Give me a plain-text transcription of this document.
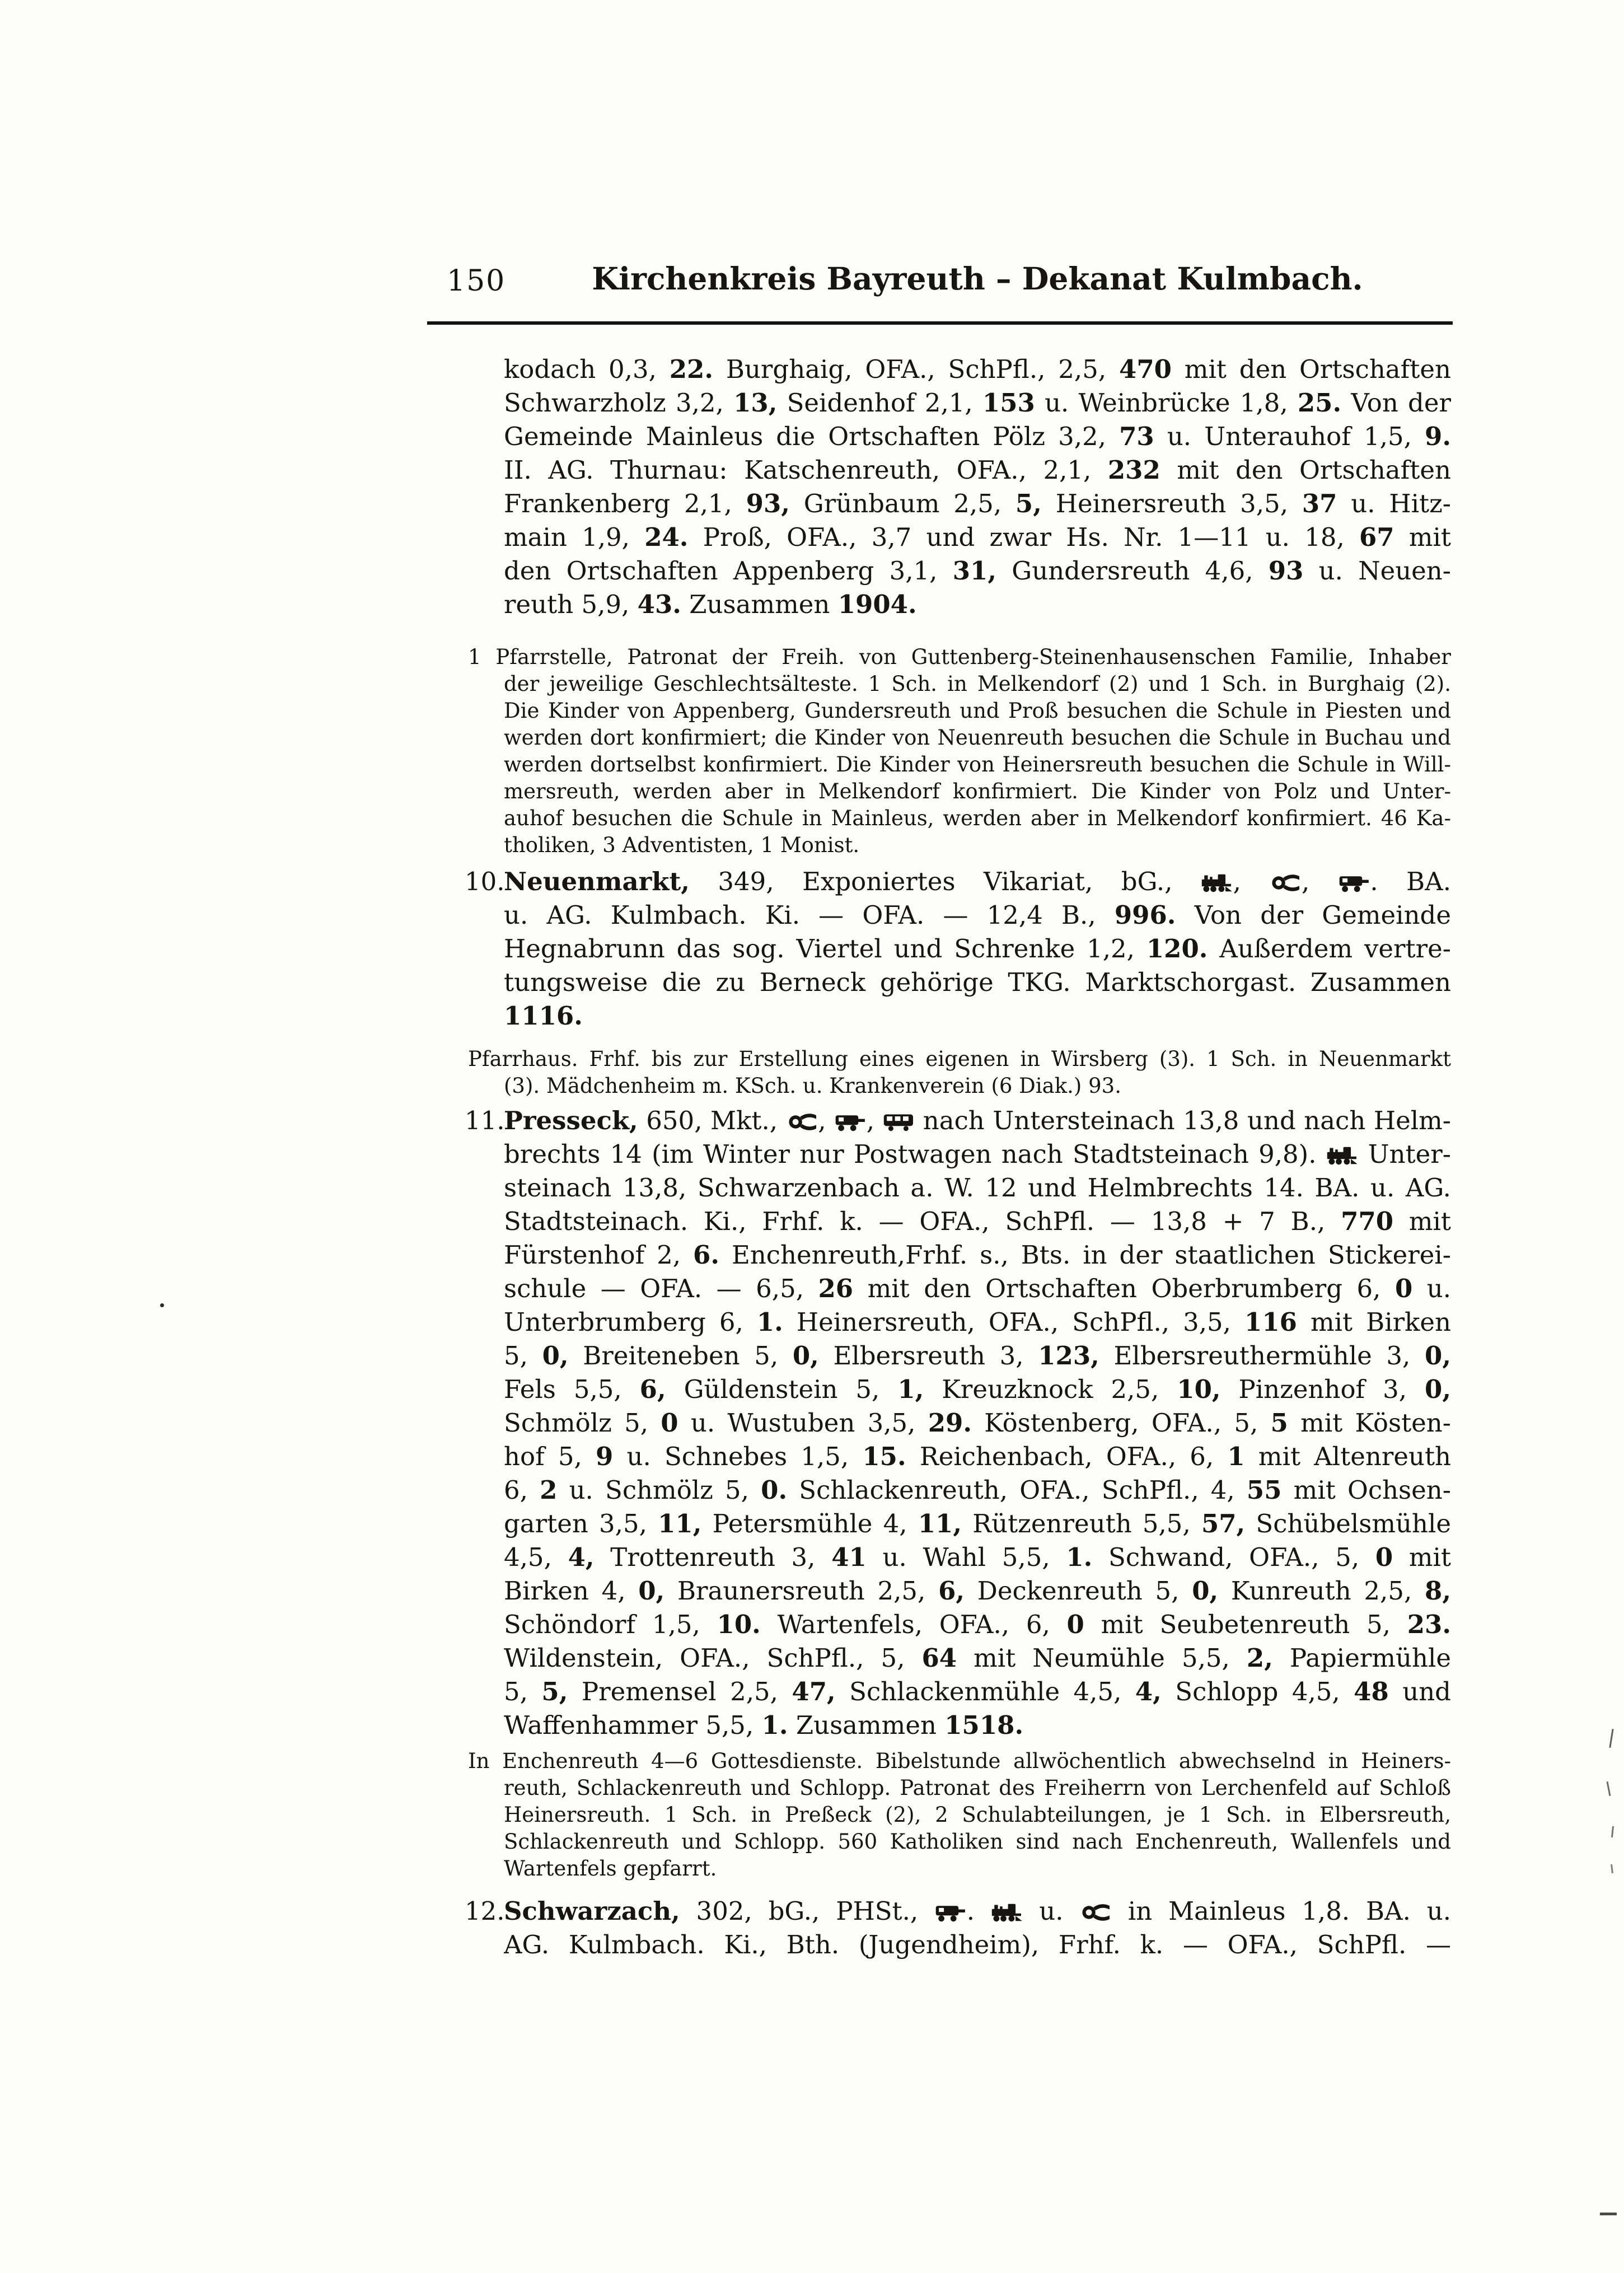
150	Kirchenkreis Bayreuth – Dekanat Kulmbach.
kodach 0,3, 22. Burghaig, OFA., SchPfl., 2,5, 470 mit den Ortschaften
Schwarzholz 3,2, 13, Seidenhof 2,1, 153 u. Weinbrücke 1,8, 25. Von der
Gemeinde Mainleus die Ortschaften Pölz 3,2, 73 u. Unterauhof 1,5, 9.
II. AG. Thurnau: Katschenreuth, OFA., 2,1, 232 mit den Ortschaften
Frankenberg 2,1, 93, Grünbaum 2,5, 5, Heinersreuth 3,5, 37 u. Hitz-
main 1,9, 24. Proß, OFA., 3,7 und zwar Hs. Nr. 1—11 u. 18, 67 mit
den Ortschaften Appenberg 3,1, 31, Gundersreuth 4,6, 93 u. Neuen-
reuth 5,9, 43. Zusammen 1904.
1 Pfarrstelle, Patronat der Freih. von Guttenberg-Steinenhausenschen Familie, Inhaber
der jeweilige Geschlechtsälteste. 1 Sch. in Melkendorf (2) und 1 Sch. in Burghaig (2).
Die Kinder von Appenberg, Gundersreuth und Proß besuchen die Schule in Piesten und
werden dort konfirmiert; die Kinder von Neuenreuth besuchen die Schule in Buchau und
werden dortselbst konfirmiert. Die Kinder von Heinersreuth besuchen die Schule in Will-
mersreuth, werden aber in Melkendorf konfirmiert. Die Kinder von Polz und Unter-
auhof besuchen die Schule in Mainleus, werden aber in Melkendorf konfirmiert. 46 Ka-
tholiken, 3 Adventisten, 1 Monist.
10.
Neuenmarkt, 349, Exponiertes Vikariat, bG., , , . BA.
u. AG. Kulmbach. Ki. — OFA. — 12,4 B., 996. Von der Gemeinde
Hegnabrunn das sog. Viertel und Schrenke 1,2, 120. Außerdem vertre-
tungsweise die zu Berneck gehörige TKG. Marktschorgast. Zusammen
1116.
Pfarrhaus. Frhf. bis zur Erstellung eines eigenen in Wirsberg (3). 1 Sch. in Neuenmarkt
(3). Mädchenheim m. KSch. u. Krankenverein (6 Diak.) 93.
11.
Presseck, 650, Mkt., , ,  nach Untersteinach 13,8 und nach Helm-
brechts 14 (im Winter nur Postwagen nach Stadtsteinach 9,8).  Unter-
steinach 13,8, Schwarzenbach a. W. 12 und Helmbrechts 14. BA. u. AG.
Stadtsteinach. Ki., Frhf. k. — OFA., SchPfl. — 13,8 + 7 B., 770 mit
Fürstenhof 2, 6. Enchenreuth,Frhf. s., Bts. in der staatlichen Stickerei-
schule — OFA. — 6,5, 26 mit den Ortschaften Oberbrumberg 6, 0 u.
Unterbrumberg 6, 1. Heinersreuth, OFA., SchPfl., 3,5, 116 mit Birken
5, 0, Breiteneben 5, 0, Elbersreuth 3, 123, Elbersreuthermühle 3, 0,
Fels 5,5, 6, Güldenstein 5, 1, Kreuzknock 2,5, 10, Pinzenhof 3, 0,
Schmölz 5, 0 u. Wustuben 3,5, 29. Köstenberg, OFA., 5, 5 mit Kösten-
hof 5, 9 u. Schnebes 1,5, 15. Reichenbach, OFA., 6, 1 mit Altenreuth
6, 2 u. Schmölz 5, 0. Schlackenreuth, OFA., SchPfl., 4, 55 mit Ochsen-
garten 3,5, 11, Petersmühle 4, 11, Rützenreuth 5,5, 57, Schübelsmühle
4,5, 4, Trottenreuth 3, 41 u. Wahl 5,5, 1. Schwand, OFA., 5, 0 mit
Birken 4, 0, Braunersreuth 2,5, 6, Deckenreuth 5, 0, Kunreuth 2,5, 8,
Schöndorf 1,5, 10. Wartenfels, OFA., 6, 0 mit Seubetenreuth 5, 23.
Wildenstein, OFA., SchPfl., 5, 64 mit Neumühle 5,5, 2, Papiermühle
5, 5, Premensel 2,5, 47, Schlackenmühle 4,5, 4, Schlopp 4,5, 48 und
Waffenhammer 5,5, 1. Zusammen 1518.
In Enchenreuth 4—6 Gottesdienste. Bibelstunde allwöchentlich abwechselnd in Heiners-
reuth, Schlackenreuth und Schlopp. Patronat des Freiherrn von Lerchenfeld auf Schloß
Heinersreuth. 1 Sch. in Preßeck (2), 2 Schulabteilungen, je 1 Sch. in Elbersreuth,
Schlackenreuth und Schlopp. 560 Katholiken sind nach Enchenreuth, Wallenfels und
Wartenfels gepfarrt.
12.
Schwarzach, 302, bG., PHSt., .  u.  in Mainleus 1,8. BA. u.
AG. Kulmbach. Ki., Bth. (Jugendheim), Frhf. k. — OFA., SchPfl. —
